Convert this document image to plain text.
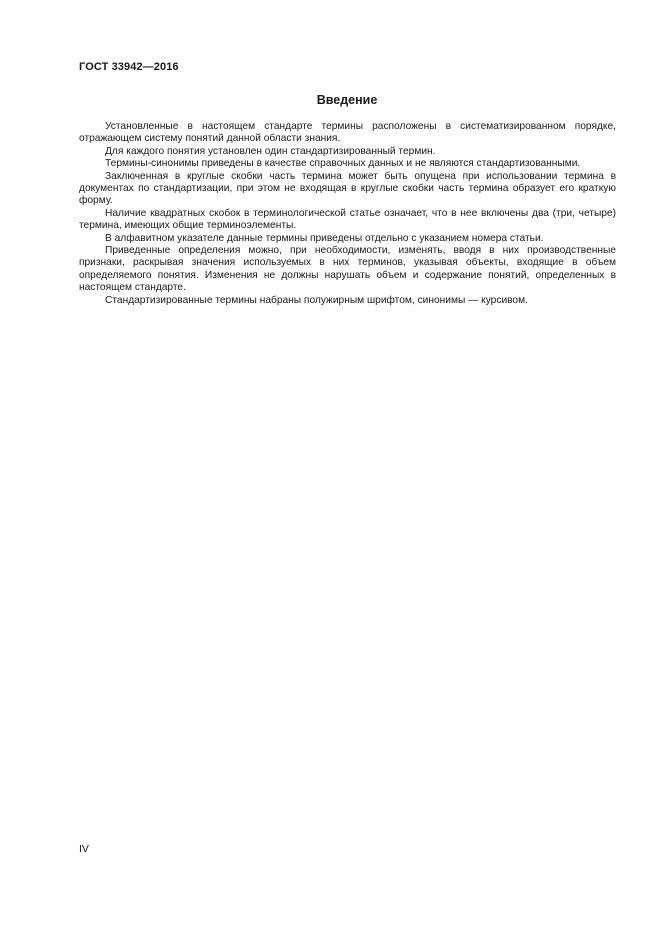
ГОСТ 33942—2016
Введение

Установленные в настоящем стандарте термины расположены в систематизированном порядке, отражающем систему понятий данной области знания.

Для каждого понятия установлен один стандартизированный термин.

Термины-синонимы приведены в качестве справочных данных и не являются стандартизованными.

Заключенная в круглые скобки часть термина может быть опущена при использовании термина в документах по стандартизации, при этом не входящая в круглые скобки часть термина образует его краткую форму.

Наличие квадратных скобок в терминологической статье означает, что в нее включены два (три, четыре) термина, имеющих общие терминоэлементы.

В алфавитном указателе данные термины приведены отдельно с указанием номера статьи.

Приведенные определения можно, при необходимости, изменять, вводя в них производственные признаки, раскрывая значения используемых в них терминов, указывая объекты, входящие в объем определяемого понятия. Изменения не должны нарушать объем и содержание понятий, определенных в настоящем стандарте.

Стандартизированные термины набраны полужирным шрифтом, синонимы — курсивом.

IV
